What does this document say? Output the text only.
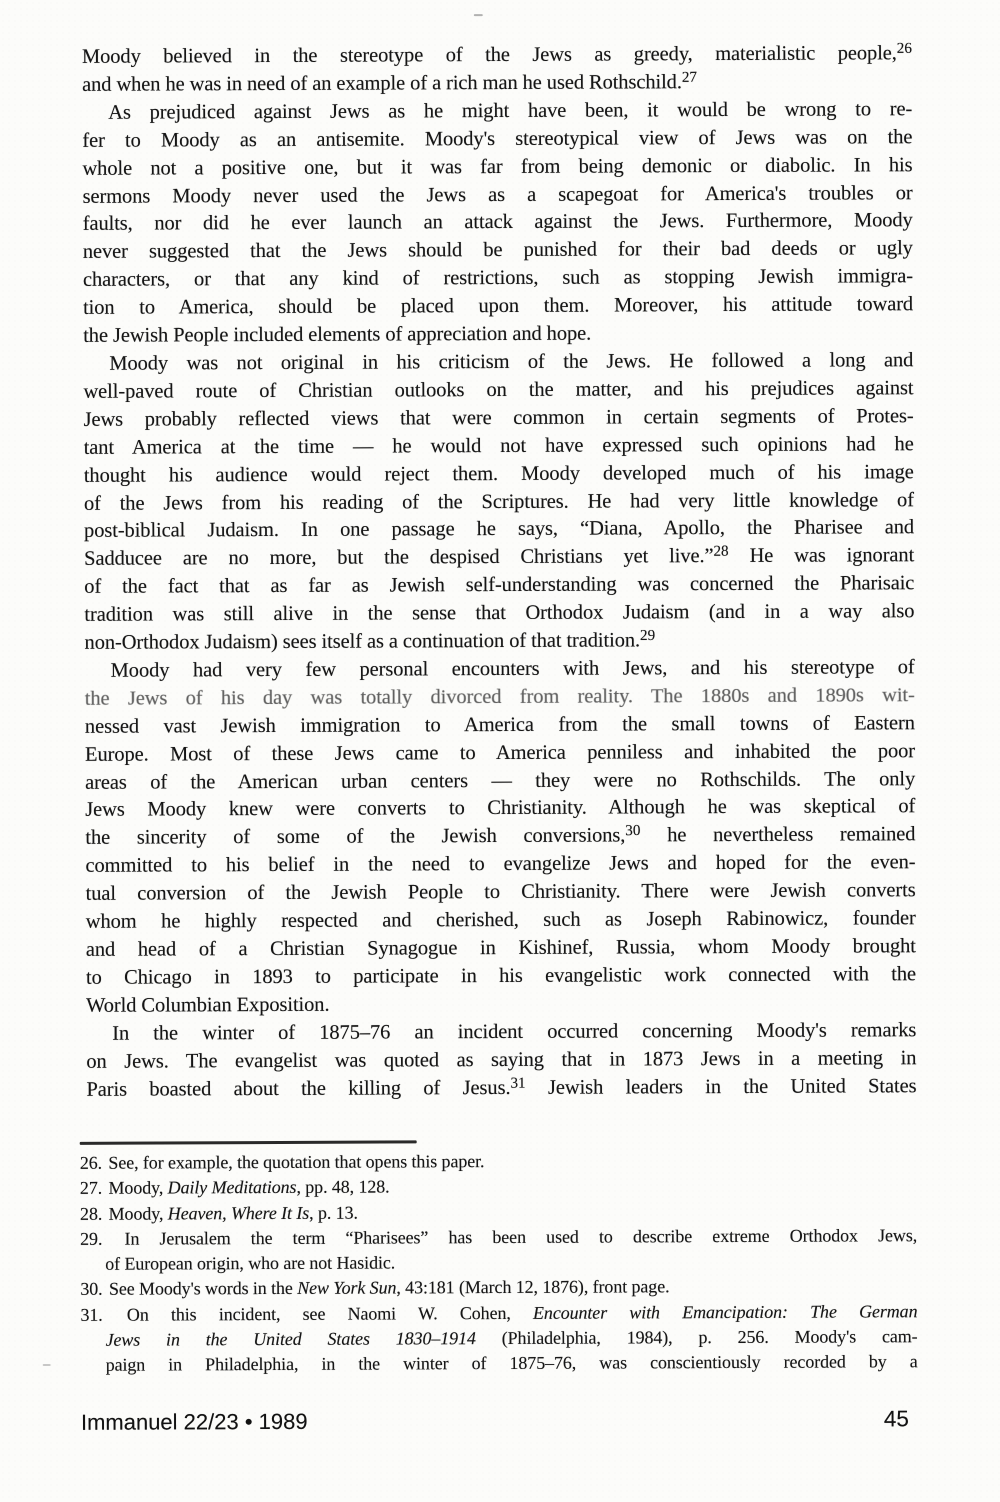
Moody believed in the stereotype of the Jews as greedy, materialistic people,$^{26}$
and when he was in need of an example of a rich man he used Rothschild.$^{27}$
As prejudiced against Jews as he might have been, it would be wrong to re-
fer to Moody as an antisemite. Moody's stereotypical view of Jews was on the
whole not a positive one, but it was far from being demonic or diabolic. In his
sermons Moody never used the Jews as a scapegoat for America's troubles or
faults, nor did he ever launch an attack against the Jews. Furthermore, Moody
never suggested that the Jews should be punished for their bad deeds or ugly
characters, or that any kind of restrictions, such as stopping Jewish immigra-
tion to America, should be placed upon them. Moreover, his attitude toward
the Jewish People included elements of appreciation and hope.
Moody was not original in his criticism of the Jews. He followed a long and
well-paved route of Christian outlooks on the matter, and his prejudices against
Jews probably reflected views that were common in certain segments of Protes-
tant America at the time — he would not have expressed such opinions had he
thought his audience would reject them. Moody developed much of his image
of the Jews from his reading of the Scriptures. He had very little knowledge of
post-biblical Judaism. In one passage he says, “Diana, Apollo, the Pharisee and
Sadducee are no more, but the despised Christians yet live.”$^{28}$ He was ignorant
of the fact that as far as Jewish self-understanding was concerned the Pharisaic
tradition was still alive in the sense that Orthodox Judaism (and in a way also
non-Orthodox Judaism) sees itself as a continuation of that tradition.$^{29}$
Moody had very few personal encounters with Jews, and his stereotype of
the Jews of his day was totally divorced from reality. The 1880s and 1890s wit-
nessed vast Jewish immigration to America from the small towns of Eastern
Europe. Most of these Jews came to America penniless and inhabited the poor
areas of the American urban centers — they were no Rothschilds. The only
Jews Moody knew were converts to Christianity. Although he was skeptical of
the sincerity of some of the Jewish conversions,$^{30}$ he nevertheless remained
committed to his belief in the need to evangelize Jews and hoped for the even-
tual conversion of the Jewish People to Christianity. There were Jewish converts
whom he highly respected and cherished, such as Joseph Rabinowicz, founder
and head of a Christian Synagogue in Kishinef, Russia, whom Moody brought
to Chicago in 1893 to participate in his evangelistic work connected with the
World Columbian Exposition.
In the winter of 1875–76 an incident occurred concerning Moody's remarks
on Jews. The evangelist was quoted as saying that in 1873 Jews in a meeting in
Paris boasted about the killing of Jesus.$^{31}$ Jewish leaders in the United States
26. See, for example, the quotation that opens this paper.
27. Moody, Daily Meditations, pp. 48, 128.
28. Moody, Heaven, Where It Is, p. 13.
29. In Jerusalem the term “Pharisees” has been used to describe extreme Orthodox Jews,
of European origin, who are not Hasidic.
30. See Moody's words in the New York Sun, 43:181 (March 12, 1876), front page.
31. On this incident, see Naomi W. Cohen, Encounter with Emancipation: The German
Jews in the United States 1830–1914 (Philadelphia, 1984), p. 256. Moody's cam-
paign in Philadelphia, in the winter of 1875–76, was conscientiously recorded by a
Immanuel 22/23 • 1989	45
